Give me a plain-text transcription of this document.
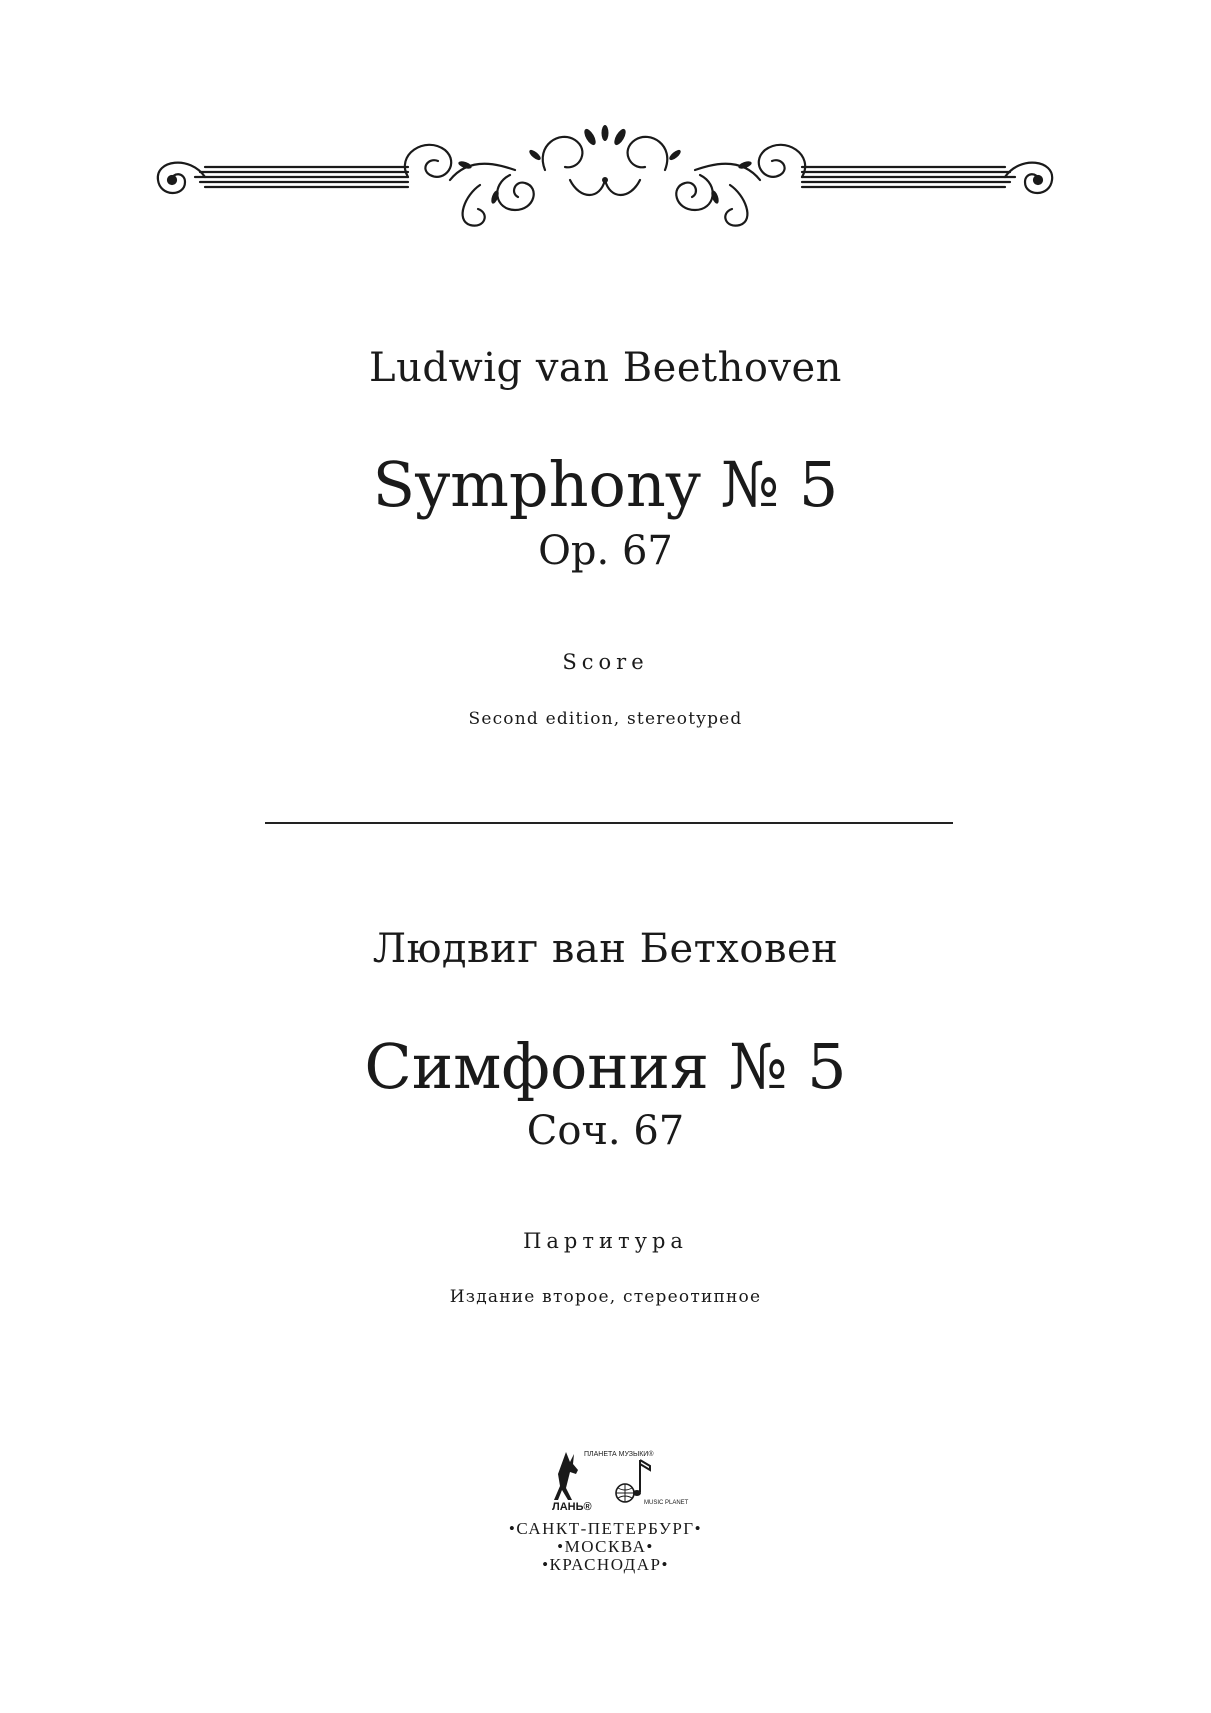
Ludwig van Beethoven
Symphony № 5
Op. 67
Score
Second edition, stereotyped
Людвиг ван Бетховен
Симфония № 5
Соч. 67
Партитура
Издание второе, стереотипное
ЛАНЬ®
ПЛАНЕТА МУЗЫКИ®
MUSIC PLANET
•САНКТ-ПЕТЕРБУРГ•
•МОСКВА•
•КРАСНОДАР•
